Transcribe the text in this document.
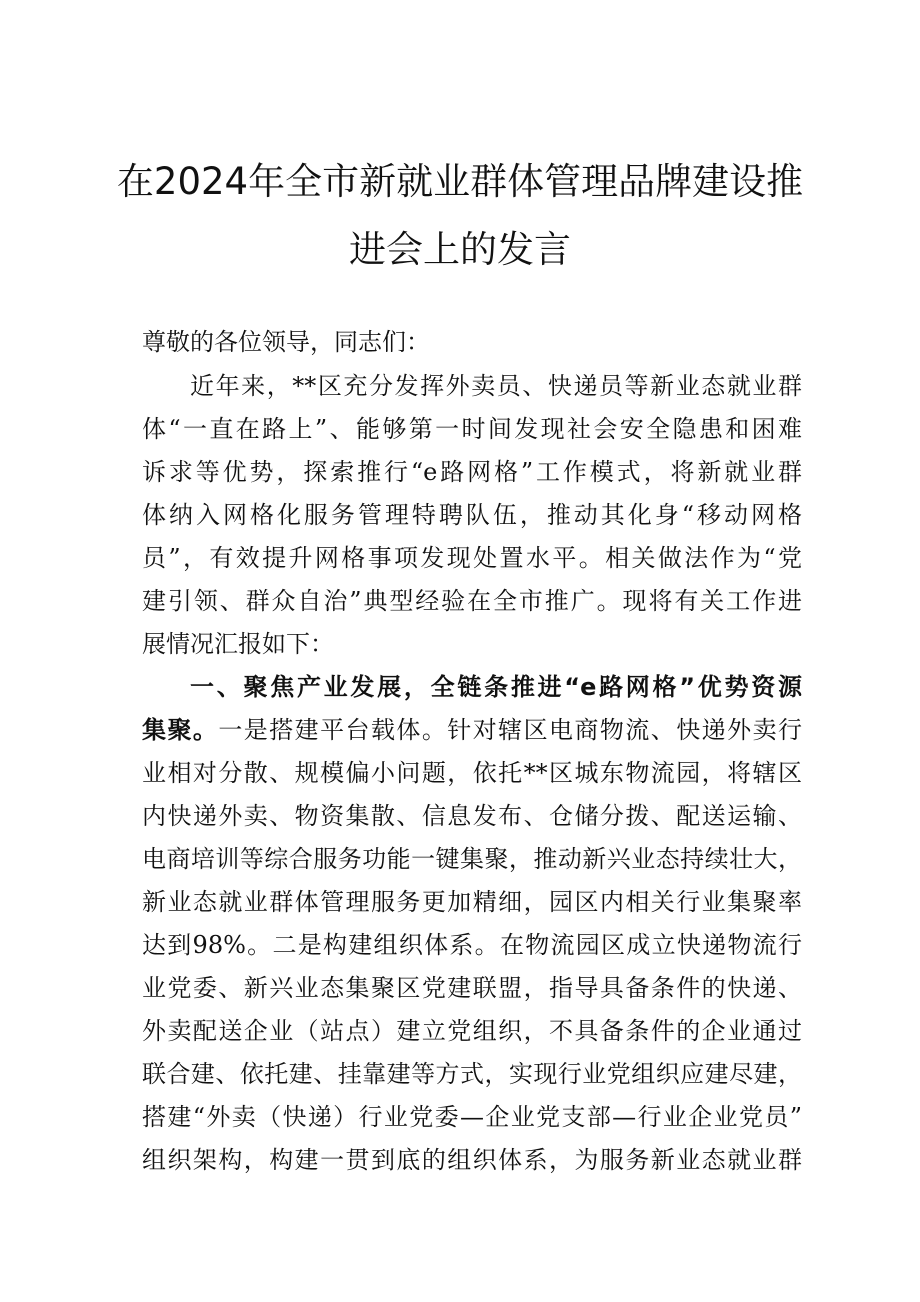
在2024年全市新就业群体管理品牌建设推
进会上的发言
尊敬的各位领导，同志们：
近年来，**区充分发挥外卖员、快递员等新业态就业群
体“一直在路上”、能够第一时间发现社会安全隐患和困难
诉求等优势，探索推行“e路网格”工作模式，将新就业群
体纳入网格化服务管理特聘队伍，推动其化身“移动网格
员”，有效提升网格事项发现处置水平。相关做法作为“党
建引领、群众自治”典型经验在全市推广。现将有关工作进
展情况汇报如下：
一、聚焦产业发展，全链条推进“e路网格”优势资源
集聚。一是搭建平台载体。针对辖区电商物流、快递外卖行
业相对分散、规模偏小问题，依托**区城东物流园，将辖区
内快递外卖、物资集散、信息发布、仓储分拨、配送运输、
电商培训等综合服务功能一键集聚，推动新兴业态持续壮大，
新业态就业群体管理服务更加精细，园区内相关行业集聚率
达到98%。二是构建组织体系。在物流园区成立快递物流行
业党委、新兴业态集聚区党建联盟，指导具备条件的快递、
外卖配送企业（站点）建立党组织，不具备条件的企业通过
联合建、依托建、挂靠建等方式，实现行业党组织应建尽建，
搭建“外卖（快递）行业党委—企业党支部—行业企业党员”
组织架构，构建一贯到底的组织体系，为服务新业态就业群
